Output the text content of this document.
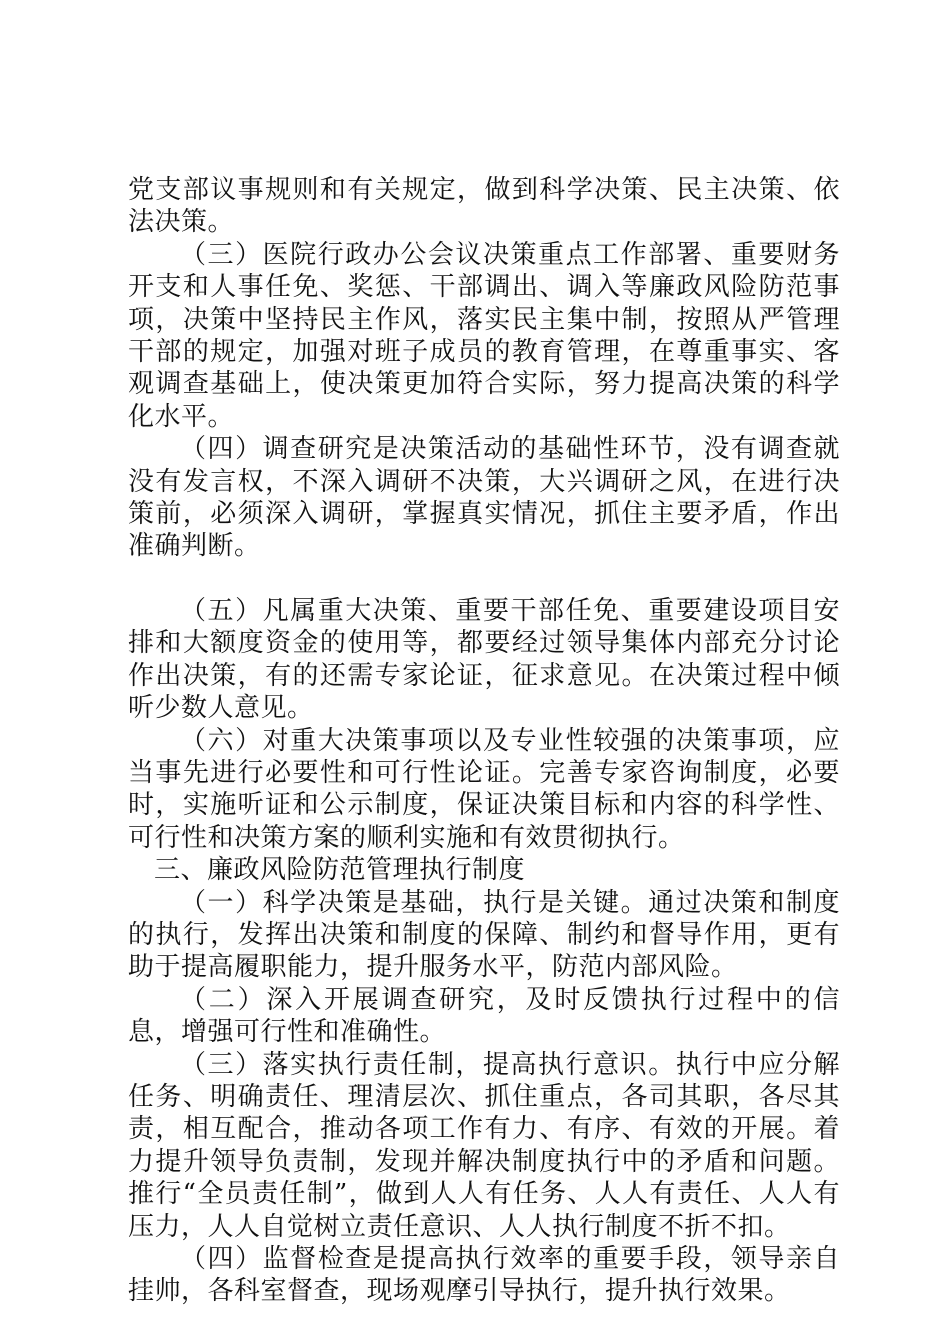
党支部议事规则和有关规定，做到科学决策、民主决策、依法决策。

（三）医院行政办公会议决策重点工作部署、重要财务开支和人事任免、奖惩、干部调出、调入等廉政风险防范事项，决策中坚持民主作风，落实民主集中制，按照从严管理干部的规定，加强对班子成员的教育管理，在尊重事实、客观调查基础上，使决策更加符合实际，努力提高决策的科学化水平。

（四）调查研究是决策活动的基础性环节，没有调查就没有发言权，不深入调研不决策，大兴调研之风，在进行决策前，必须深入调研，掌握真实情况，抓住主要矛盾，作出准确判断。

（五）凡属重大决策、重要干部任免、重要建设项目安排和大额度资金的使用等，都要经过领导集体内部充分讨论作出决策，有的还需专家论证，征求意见。在决策过程中倾听少数人意见。

（六）对重大决策事项以及专业性较强的决策事项，应当事先进行必要性和可行性论证。完善专家咨询制度，必要时，实施听证和公示制度，保证决策目标和内容的科学性、可行性和决策方案的顺利实施和有效贯彻执行。

三、廉政风险防范管理执行制度

（一）科学决策是基础，执行是关键。通过决策和制度的执行，发挥出决策和制度的保障、制约和督导作用，更有助于提高履职能力，提升服务水平，防范内部风险。

（二）深入开展调查研究，及时反馈执行过程中的信息，增强可行性和准确性。

（三）落实执行责任制，提高执行意识。执行中应分解任务、明确责任、理清层次、抓住重点，各司其职，各尽其责，相互配合，推动各项工作有力、有序、有效的开展。着力提升领导负责制，发现并解决制度执行中的矛盾和问题。推行“全员责任制”，做到人人有任务、人人有责任、人人有压力，人人自觉树立责任意识、人人执行制度不折不扣。

（四）监督检查是提高执行效率的重要手段，领导亲自挂帅，各科室督查，现场观摩引导执行，提升执行效果。
